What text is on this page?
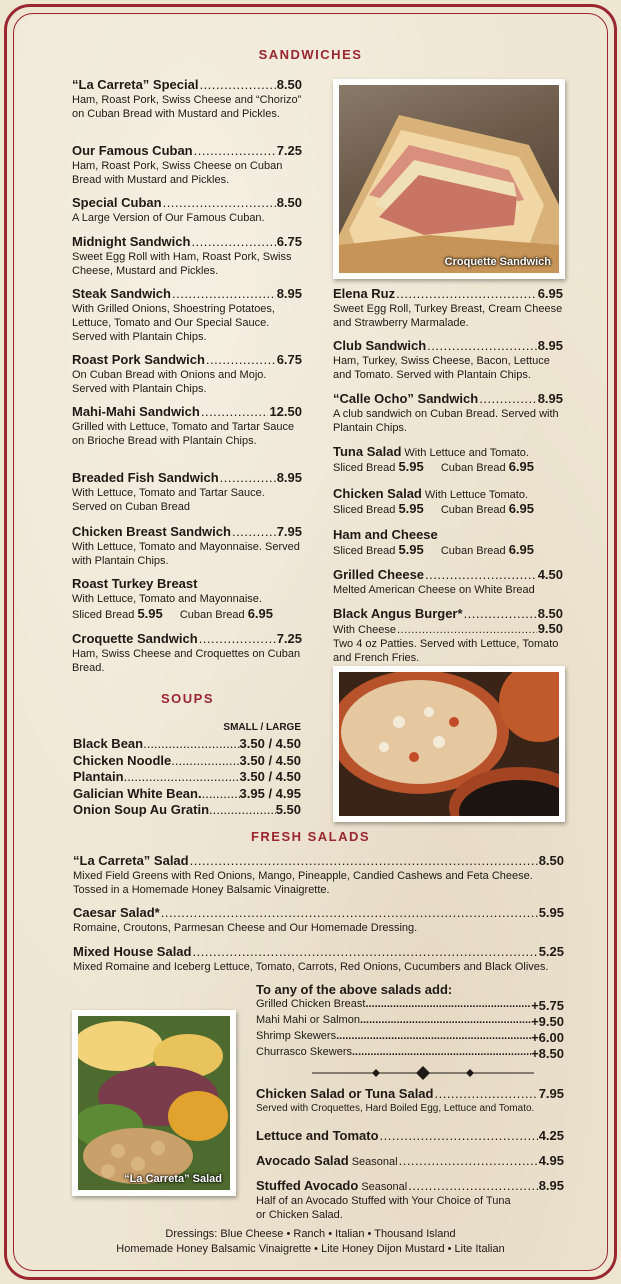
SANDWICHES
“La Carreta” Special .....	8.50
Ham, Roast Pork, Swiss Cheese and “Chorizo” on Cuban Bread with Mustard and Pickles.
Our Famous Cuban .....	7.25
Ham, Roast Pork, Swiss Cheese on Cuban Bread with Mustard and Pickles.
Special Cuban .....	8.50
A Large Version of Our Famous Cuban.
Midnight Sandwich .....	6.75
Sweet Egg Roll with Ham, Roast Pork, Swiss Cheese, Mustard and Pickles.
Steak Sandwich .....	8.95
With Grilled Onions, Shoestring Potatoes, Lettuce, Tomato and Our Special Sauce. Served with Plantain Chips.
Roast Pork Sandwich .....	6.75
On Cuban Bread with Onions and Mojo. Served with Plantain Chips.
Mahi-Mahi Sandwich .....	12.50
Grilled with Lettuce, Tomato and Tartar Sauce on Brioche Bread with Plantain Chips.
Breaded Fish Sandwich .....	8.95
With Lettuce, Tomato and Tartar Sauce. Served on Cuban Bread
Chicken Breast Sandwich .....	7.95
With Lettuce, Tomato and Mayonnaise. Served with Plantain Chips.
Roast Turkey Breast
With Lettuce, Tomato and Mayonnaise.
Sliced Bread 5.95 Cuban Bread 6.95
Croquette Sandwich .....	7.25
Ham, Swiss Cheese and Croquettes on Cuban Bread.
Croquette Sandwich
Elena Ruz .....	6.95
Sweet Egg Roll, Turkey Breast, Cream Cheese and Strawberry Marmalade.
Club Sandwich .....	8.95
Ham, Turkey, Swiss Cheese, Bacon, Lettuce and Tomato. Served with Plantain Chips.
“Calle Ocho” Sandwich .....	8.95
A club sandwich on Cuban Bread. Served with Plantain Chips.
Tuna Salad With Lettuce and Tomato.
Sliced Bread 5.95 Cuban Bread 6.95
Chicken Salad With Lettuce Tomato.
Sliced Bread 5.95 Cuban Bread 6.95
Ham and Cheese
Sliced Bread 5.95 Cuban Bread 6.95
Grilled Cheese .....	4.50
Melted American Cheese on White Bread
Black Angus Burger* .....	8.50
With Cheese .....	9.50
Two 4 oz Patties. Served with Lettuce, Tomato and French Fries.
SOUPS
SMALL / LARGE
Black Bean .....	3.50 / 4.50
Chicken Noodle .....	3.50 / 4.50
Plantain .....	3.50 / 4.50
Galician White Bean. .....	3.95 / 4.95
Onion Soup Au Gratin .....	5.50
FRESH SALADS
“La Carreta” Salad .....	8.50
Mixed Field Greens with Red Onions, Mango, Pineapple, Candied Cashews and Feta Cheese. Tossed in a Homemade Honey Balsamic Vinaigrette.
Caesar Salad* .....	5.95
Romaine, Croutons, Parmesan Cheese and Our Homemade Dressing.
Mixed House Salad .....	5.25
Mixed Romaine and Iceberg Lettuce, Tomato, Carrots, Red Onions, Cucumbers and Black Olives.
To any of the above salads add:
Grilled Chicken Breast .....	+5.75
Mahi Mahi or Salmon .....	+9.50
Shrimp Skewers .....	+6.00
Churrasco Skewers .....	+8.50
“La Carreta” Salad
Chicken Salad or Tuna Salad .....	7.95
Served with Croquettes, Hard Boiled Egg, Lettuce and Tomato.
Lettuce and Tomato .....	4.25
Avocado Salad Seasonal .....	4.95
Stuffed Avocado Seasonal .....	8.95
Half of an Avocado Stuffed with Your Choice of Tuna or Chicken Salad.
Dressings: Blue Cheese • Ranch • Italian • Thousand Island
Homemade Honey Balsamic Vinaigrette • Lite Honey Dijon Mustard • Lite Italian
